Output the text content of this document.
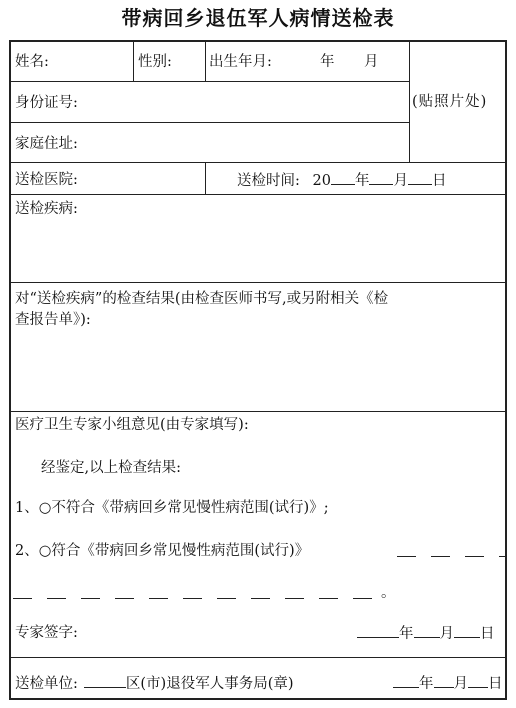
带病回乡退伍军人病情送检表
姓名:	性别:	出生年月:	年 月
(贴照片处)
身份证号:
家庭住址:
送检医院:	送检时间: 20 年 月 日
送检疾病:
对“送检疾病”的检查结果(由检查医师书写,或另附相关《检
查报告单》):
医疗卫生专家小组意见(由专家填写):
经鉴定,以上检查结果:
1、○不符合《带病回乡常见慢性病范围(试行)》;
2、○符合《带病回乡常见慢性病范围(试行)》
。
专家签字:	年 月 日
送检单位:	区(市)退役军人事务局(章)	年 月 日
